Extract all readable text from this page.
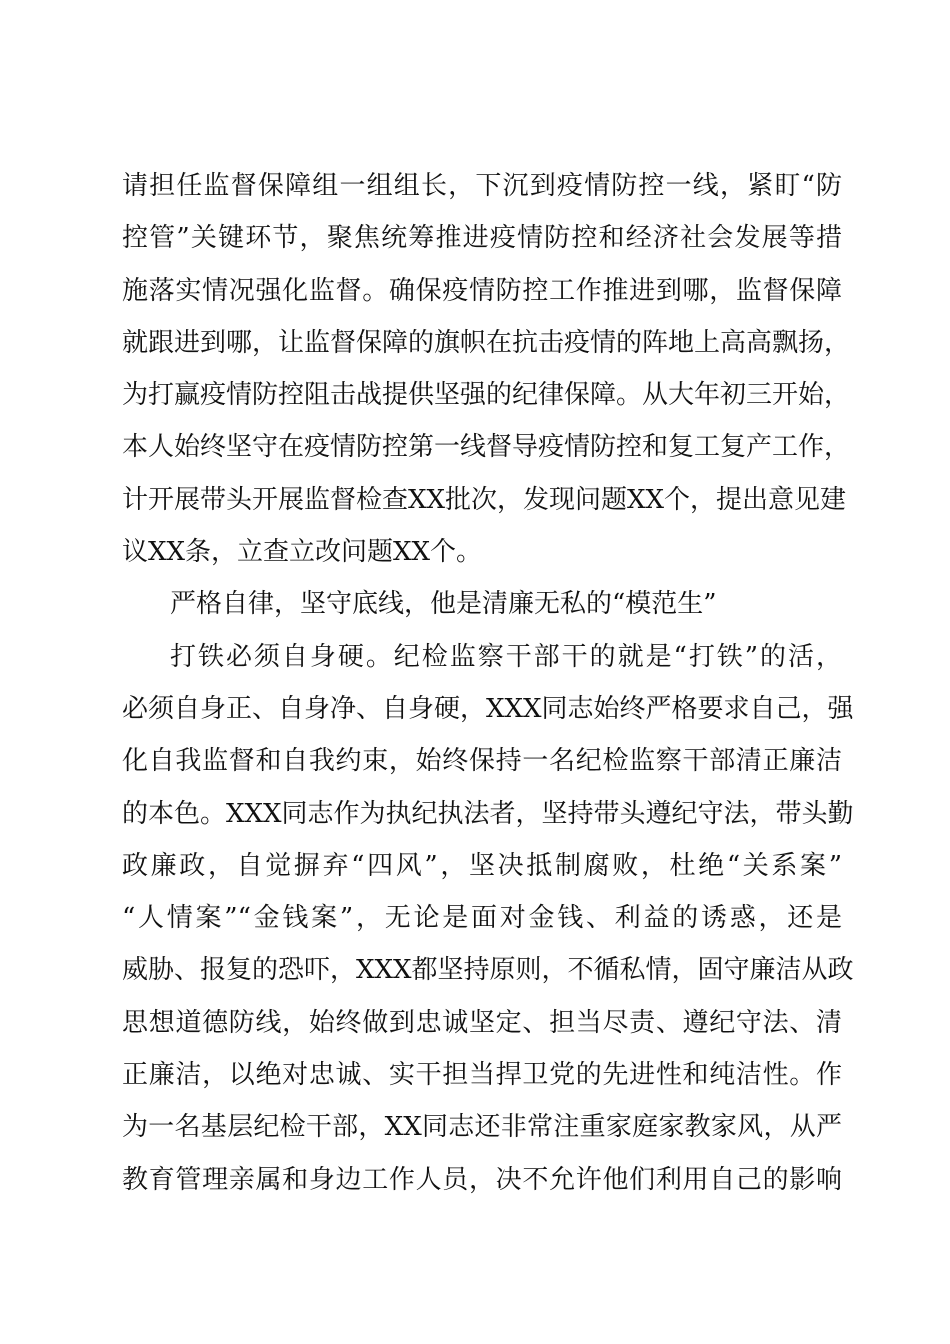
请担任监督保障组一组组长，下沉到疫情防控一线，紧盯“防
控管”关键环节，聚焦统筹推进疫情防控和经济社会发展等措
施落实情况强化监督。确保疫情防控工作推进到哪，监督保障
就跟进到哪，让监督保障的旗帜在抗击疫情的阵地上高高飘扬，
为打赢疫情防控阻击战提供坚强的纪律保障。从大年初三开始，
本人始终坚守在疫情防控第一线督导疫情防控和复工复产工作，
计开展带头开展监督检查XX批次，发现问题XX个，提出意见建
议XX条，立查立改问题XX个。
严格自律，坚守底线，他是清廉无私的“模范生”
打铁必须自身硬。纪检监察干部干的就是“打铁”的活，
必须自身正、自身净、自身硬，XXX同志始终严格要求自己，强
化自我监督和自我约束，始终保持一名纪检监察干部清正廉洁
的本色。XXX同志作为执纪执法者，坚持带头遵纪守法，带头勤
政廉政，自觉摒弃“四风”，坚决抵制腐败，杜绝“关系案”
“人情案”“金钱案”，无论是面对金钱、利益的诱惑，还是
威胁、报复的恐吓，XXX都坚持原则，不循私情，固守廉洁从政
思想道德防线，始终做到忠诚坚定、担当尽责、遵纪守法、清
正廉洁，以绝对忠诚、实干担当捍卫党的先进性和纯洁性。作
为一名基层纪检干部，XX同志还非常注重家庭家教家风，从严
教育管理亲属和身边工作人员，决不允许他们利用自己的影响
